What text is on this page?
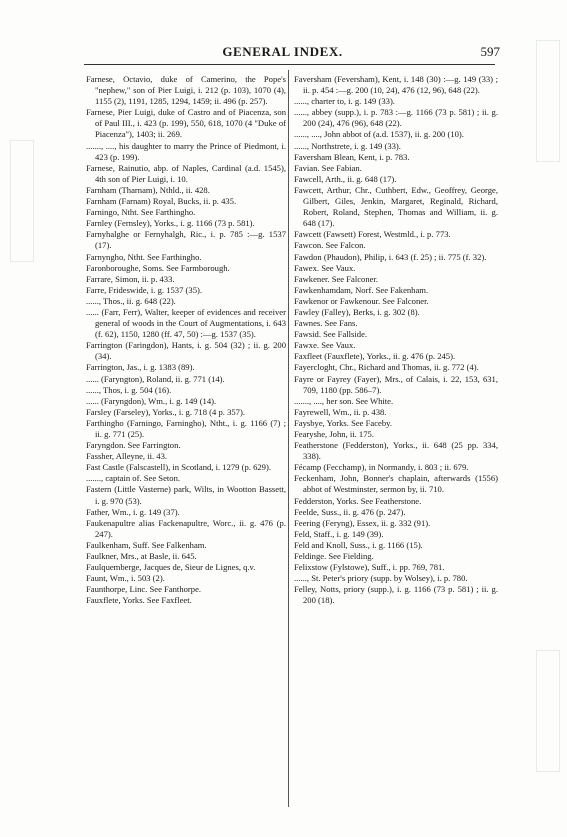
GENERAL INDEX.	597

Farnese, Octavio, duke of Camerino, the Pope's "nephew," son of Pier Luigi, i. 212 (p. 103), 1070 (4), 1155 (2), 1191, 1285, 1294, 1459; ii. 496 (p. 257).

Farnese, Pier Luigi, duke of Castro and of Piacenza, son of Paul III., i. 423 (p. 199), 550, 618, 1070 (4 "Duke of Piacenza"), 1403; ii. 269.

......., ...., his daughter to marry the Prince of Piedmont, i. 423 (p. 199).

Farnese, Rainutio, abp. of Naples, Cardinal (a.d. 1545), 4th son of Pier Luigi, i. 10.

Farnham (Tharnam), Nthld., ii. 428.

Farnham (Farnam) Royal, Bucks, ii. p. 435.

Farningo, Ntht. See Farthingho.

Farnley (Fernsley), Yorks., i. g. 1166 (73 p. 581).

Farnyhalghe or Fernyhalgh, Ric., i. p. 785 :—g. 1537 (17).

Farnyngho, Ntht. See Farthingho.

Faronboroughe, Soms. See Farmborough.

Farrare, Simon, ii. p. 433.

Farre, Frideswide, i. g. 1537 (35).

......, Thos., ii. g. 648 (22).

...... (Farr, Ferr), Walter, keeper of evidences and receiver general of woods in the Court of Augmentations, i. 643 (f. 62), 1150, 1280 (ff. 47, 50) :—g. 1537 (35).

Farrington (Faringdon), Hants, i. g. 504 (32) ; ii. g. 200 (34).

Farrington, Jas., i. g. 1383 (89).

...... (Faryngton), Roland, ii. g. 771 (14).

......, Thos, i. g. 504 (16).

...... (Faryngdon), Wm., i. g. 149 (14).

Farsley (Farseley), Yorks., i. g. 718 (4 p. 357).

Farthingho (Farningo, Farningho), Ntht., i. g. 1166 (7) ; ii. g. 771 (25).

Faryngdon. See Farrington.

Fassher, Alleyne, ii. 43.

Fast Castle (Falscastell), in Scotland, i. 1279 (p. 629).

......., captain of. See Seton.

Fastern (Little Vasterne) park, Wilts, in Wootton Bassett, i. g. 970 (53).

Father, Wm., i. g. 149 (37).

Faukenapultre alias Fackenapultre, Worc., ii. g. 476 (p. 247).

Faulkenham, Suff. See Falkenham.

Faulkner, Mrs., at Basle, ii. 645.

Faulquemberge, Jacques de, Sieur de Lignes, q.v.

Faunt, Wm., i. 503 (2).

Faunthorpe, Linc. See Fanthorpe.

Fauxflete, Yorks. See Faxfleet.

Faversham (Feversham), Kent, i. 148 (30) :—g. 149 (33) ; ii. p. 454 :—g. 200 (10, 24), 476 (12, 96), 648 (22).

......, charter to, i. g. 149 (33).

......, abbey (supp.), i. p. 783 :—g. 1166 (73 p. 581) ; ii. g. 200 (24), 476 (96), 648 (22).

......, ...., John abbot of (a.d. 1537), ii. g. 200 (10).

......, Northstrete, i. g. 149 (33).

Faversham Blean, Kent, i. p. 783.

Favian. See Fabian.

Fawcell, Arth., ii. g. 648 (17).

Fawcett, Arthur, Chr., Cuthbert, Edw., Geoffrey, George, Gilbert, Giles, Jenkin, Margaret, Reginald, Richard, Robert, Roland, Stephen, Thomas and William, ii. g. 648 (17).

Fawcett (Fawsett) Forest, Westmld., i. p. 773.

Fawcon. See Falcon.

Fawdon (Phaudon), Philip, i. 643 (f. 25) ; ii. 775 (f. 32).

Fawex. See Vaux.

Fawkener. See Falconer.

Fawkenhamdam, Norf. See Fakenham.

Fawkenor or Fawkenour. See Falconer.

Fawley (Falley), Berks, i. g. 302 (8).

Fawnes. See Fans.

Fawsid. See Fallside.

Fawxe. See Vaux.

Faxfleet (Fauxflete), Yorks., ii. g. 476 (p. 245).

Fayercloght, Chr., Richard and Thomas, ii. g. 772 (4).

Fayre or Fayrey (Fayer), Mrs., of Calais, i. 22, 153, 631, 709, 1180 (pp. 586–7).

......., ...., her son. See White.

Fayrewell, Wm., ii. p. 438.

Faysbye, Yorks. See Faceby.

Fearyshe, John, ii. 175.

Featherstone (Fedderston), Yorks., ii. 648 (25 pp. 334, 338).

Fécamp (Fecchamp), in Normandy, i. 803 ; ii. 679.

Feckenham, John, Bonner's chaplain, afterwards (1556) abbot of Westminster, sermon by, ii. 710.

Fedderston, Yorks. See Featherstone.

Feelde, Suss., ii. g. 476 (p. 247).

Feering (Feryng), Essex, ii. g. 332 (91).

Feld, Staff., i. g. 149 (39).

Feld and Knoll, Suss., i. g. 1166 (15).

Feldinge. See Fielding.

Felixstow (Fylstowe), Suff., i. pp. 769, 781.

......, St. Peter's priory (supp. by Wolsey), i. p. 780.

Felley, Notts, priory (supp.), i. g. 1166 (73 p. 581) ; ii. g. 200 (18).
